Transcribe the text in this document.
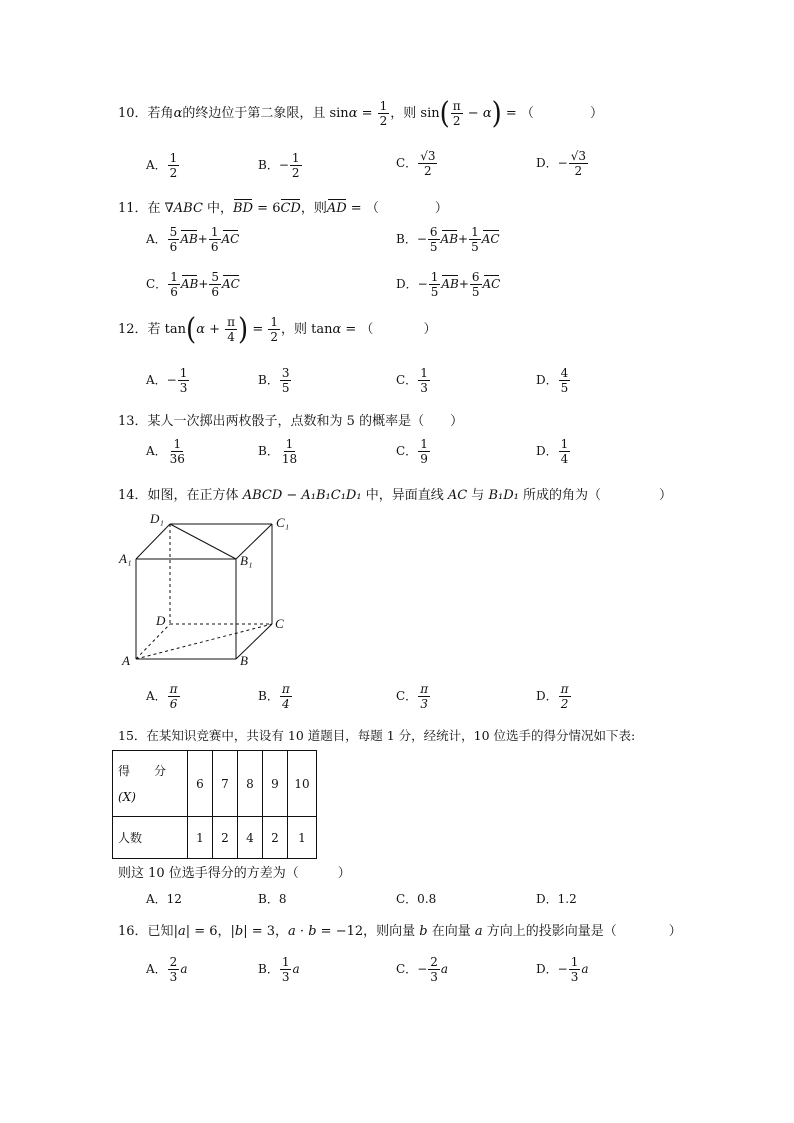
10．若角α的终边位于第二象限，且 $\sin\alpha = \frac{1}{2}$ ，则 $\sin( \frac{\pi}{2} - \alpha)$ = （	）
A． $\frac{1}{2}$	B．− $\frac{1}{2}$	C． $\frac{√3}{2}$	D．− $\frac{√3}{2}$
11．在 ∇ABC 中，BD = 6CD，则AD = （	）
A． $\frac{5}{6} AB+ \frac{1}{6}$ AC	B．− $\frac{6}{5} AB+ \frac{1}{5}$ AC
C． $\frac{1}{6} AB+ \frac{5}{6}$ AC	D．− $\frac{1}{5} AB+ \frac{6}{5}$ AC
12．若 $\tan(\alpha + \frac{\pi}{4}$ ) = $\frac{1}{2}$ ，则 tanα = （	）
A．− $\frac{1}{3}$	B． $\frac{3}{5}$	C． $\frac{1}{3}$	D． $\frac{4}{5}$
13．某人一次掷出两枚骰子，点数和为 5 的概率是（　　）
A． $\frac{1}{36}$	B． $\frac{1}{18}$	C． $\frac{1}{9}$	D． $\frac{1}{4}$
14．如图，在正方体 ABCD − A₁B₁C₁D₁ 中，异面直线 AC 与 B₁D₁ 所成的角为（	）
D₁	C₁
A₁	B₁
D	C
A	B
A． $\frac{\pi}{6}$	B． $\frac{\pi}{4}$	C． $\frac{\pi}{3}$	D． $\frac{\pi}{2}$
15．在某知识竞赛中，共设有 10 道题目，每题 1 分，经统计，10 位选手的得分情况如下表:
得　　分
(X)	6	7	8	9	10
人数	1	2	4	2	1
则这 10 位选手得分的方差为（　　　）
A．12	B．8	C．0.8	D．1.2
16．已知|a| = 6，|b| = 3，a · b = −12，则向量 b 在向量 a 方向上的投影向量是（	）
A． $\frac{2}{3}$ a	B． $\frac{1}{3}$ a	C．− $\frac{2}{3}$ a	D．− $\frac{1}{3}$ a
